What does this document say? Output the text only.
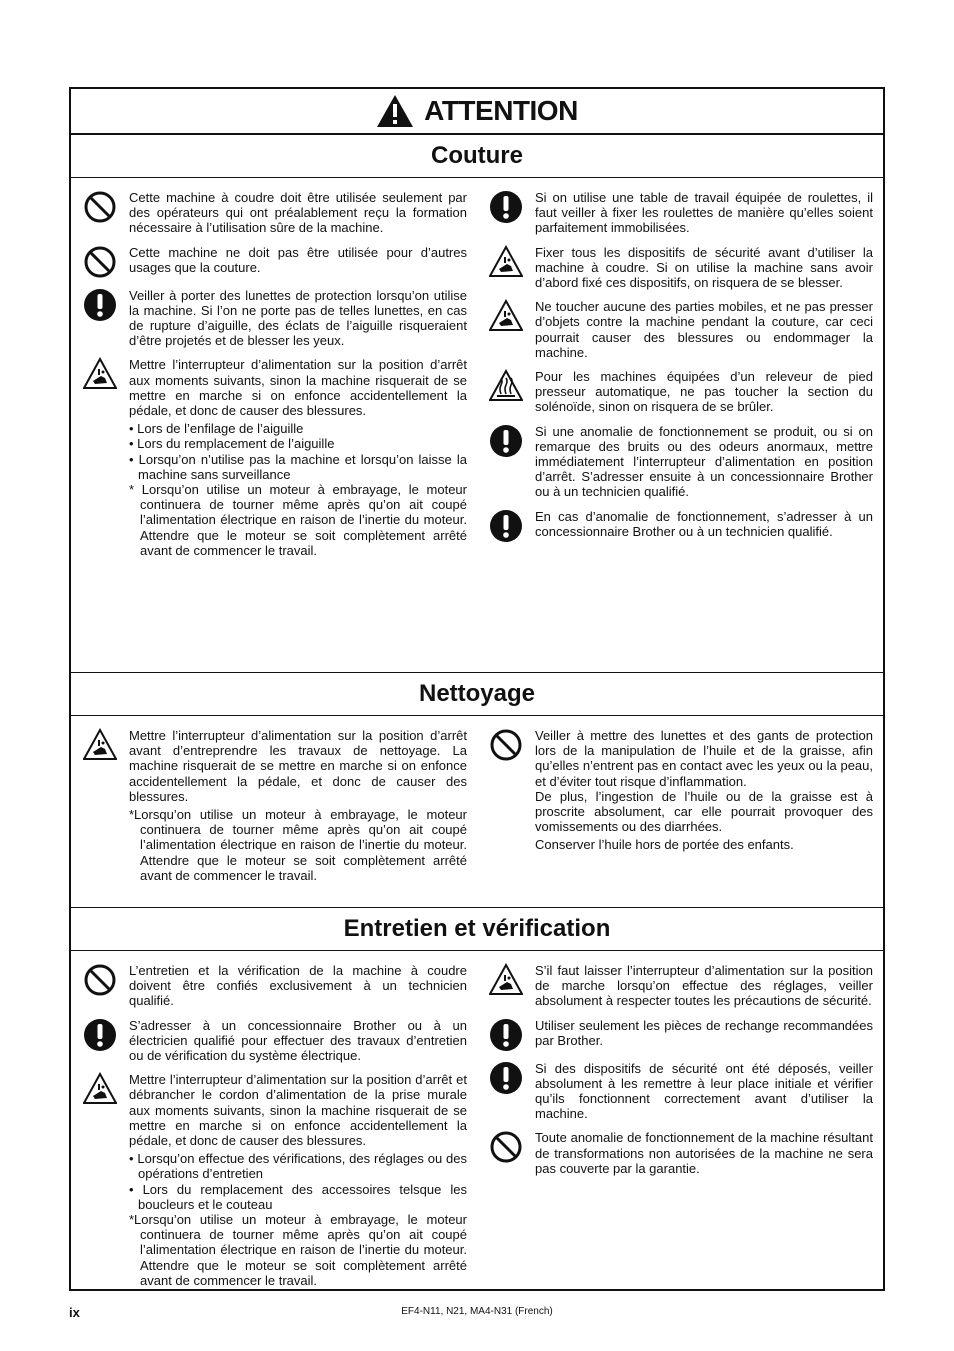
ATTENTION
Couture
Cette machine à coudre doit être utilisée seulement par des opérateurs qui ont préalablement reçu la formation nécessaire à l’utilisation sûre de la machine.
Cette machine ne doit pas être utilisée pour d’autres usages que la couture.
Veiller à porter des lunettes de protection lorsqu’on utilise la machine. Si l’on ne porte pas de telles lunettes, en cas de rupture d’aiguille, des éclats de l’aiguille risqueraient d’être projetés et de blesser les yeux.
Mettre l’interrupteur d’alimentation sur la position d’arrêt aux moments suivants, sinon la machine risquerait de se mettre en marche si on enfonce accidentellement la pédale, et donc de causer des blessures.
• Lors de l’enfilage de l’aiguille
• Lors du remplacement de l’aiguille
• Lorsqu’on n’utilise pas la machine et lorsqu’on laisse la machine sans surveillance
* Lorsqu’on utilise un moteur à embrayage, le moteur continuera de tourner même après qu’on ait coupé l’alimentation électrique en raison de l’inertie du moteur. Attendre que le moteur se soit complètement arrêté avant de commencer le travail.
Si on utilise une table de travail équipée de roulettes, il faut veiller à fixer les roulettes de manière qu’elles soient parfaitement immobilisées.
Fixer tous les dispositifs de sécurité avant d’utiliser la machine à coudre. Si on utilise la machine sans avoir d’abord fixé ces dispositifs, on risquera de se blesser.
Ne toucher aucune des parties mobiles, et ne pas presser d’objets contre la machine pendant la couture, car ceci pourrait causer des blessures ou endommager la machine.
Pour les machines équipées d’un releveur de pied presseur automatique, ne pas toucher la section du solénoïde, sinon on risquera de se brûler.
Si une anomalie de fonctionnement se produit, ou si on remarque des bruits ou des odeurs anormaux, mettre immédiatement l’interrupteur d’alimentation en position d’arrêt. S’adresser ensuite à un concessionnaire Brother ou à un technicien qualifié.
En cas d’anomalie de fonctionnement, s’adresser à un concessionnaire Brother ou à un technicien qualifié.
Nettoyage
Mettre l’interrupteur d’alimentation sur la position d’arrêt avant d’entreprendre les travaux de nettoyage. La machine risquerait de se mettre en marche si on enfonce accidentellement la pédale, et donc de causer des blessures.
*Lorsqu’on utilise un moteur à embrayage, le moteur continuera de tourner même après qu’on ait coupé l’alimentation électrique en raison de l’inertie du moteur. Attendre que le moteur se soit complètement arrêté avant de commencer le travail.
Veiller à mettre des lunettes et des gants de protection lors de la manipulation de l’huile et de la graisse, afin qu’elles n’entrent pas en contact avec les yeux ou la peau, et d’éviter tout risque d’inflammation.
De plus, l’ingestion de l’huile ou de la graisse est à proscrite absolument, car elle pourrait provoquer des vomissements ou des diarrhées.
Conserver l’huile hors de portée des enfants.
Entretien et vérification
L’entretien et la vérification de la machine à coudre doivent être confiés exclusivement à un technicien qualifié.
S’adresser à un concessionnaire Brother ou à un électricien qualifié pour effectuer des travaux d’entretien ou de vérification du système électrique.
Mettre l’interrupteur d’alimentation sur la position d’arrêt et débrancher le cordon d’alimentation de la prise murale aux moments suivants, sinon la machine risquerait de se mettre en marche si on enfonce accidentellement la pédale, et donc de causer des blessures.
• Lorsqu’on effectue des vérifications, des réglages ou des opérations d’entretien
• Lors du remplacement des accessoires telsque les boucleurs et le couteau
*Lorsqu’on utilise un moteur à embrayage, le moteur continuera de tourner même après qu’on ait coupé l’alimentation électrique en raison de l’inertie du moteur. Attendre que le moteur se soit complètement arrêté avant de commencer le travail.
S’il faut laisser l’interrupteur d’alimentation sur la position de marche lorsqu’on effectue des réglages, veiller absolument à respecter toutes les précautions de sécurité.
Utiliser seulement les pièces de rechange recommandées par Brother.
Si des dispositifs de sécurité ont été déposés, veiller absolument à les remettre à leur place initiale et vérifier qu’ils fonctionnent correctement avant d’utiliser la machine.
Toute anomalie de fonctionnement de la machine résultant de transformations non autorisées de la machine ne sera pas couverte par la garantie.
ix	EF4-N11, N21, MA4-N31 (French)
